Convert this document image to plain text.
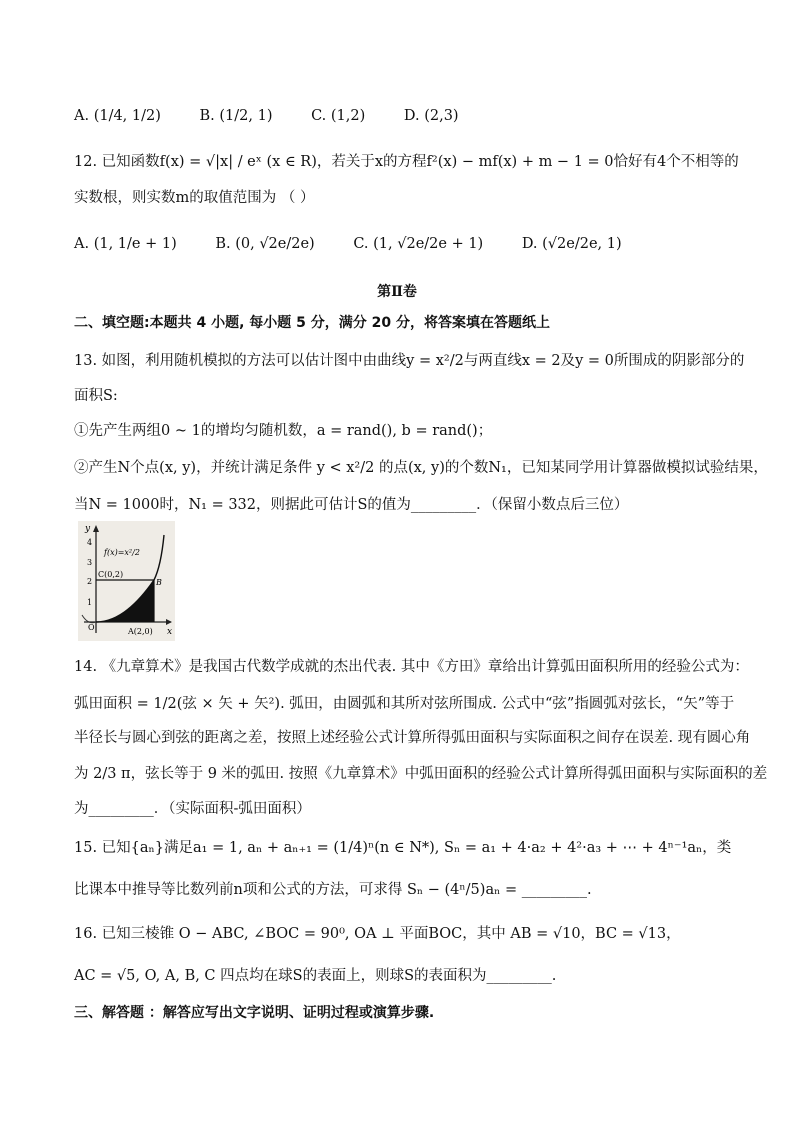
A. (1/4, 1/2)	B. (1/2, 1)	C. (1,2)	D. (2,3)
12. 已知函数f(x) = √|x| / eˣ (x ∈ R)，若关于x的方程f²(x) − mf(x) + m − 1 = 0恰好有4个不相等的
实数根，则实数m的取值范围为 （ ）
A. (1, 1/e + 1)	B. (0, √2e/2e)	C. (1, √2e/2e + 1)	D. (√2e/2e, 1)
第Ⅱ卷
二、填空题:本题共 4 小题, 每小题 5 分，满分 20 分，将答案填在答题纸上
13. 如图，利用随机模拟的方法可以估计图中由曲线y = x²/2与两直线x = 2及y = 0所围成的阴影部分的
面积S:
①先产生两组0 ~ 1的增均匀随机数，a = rand(), b = rand()；
②产生N个点(x, y)，并统计满足条件 y < x²/2 的点(x, y)的个数N₁，已知某同学用计算器做模拟试验结果，
当N = 1000时，N₁ = 332，则据此可估计S的值为_________．（保留小数点后三位）
y
x
4
3
2
1
O
f(x)=x²/2
C(0,2)
B
A(2,0)
14. 《九章算术》是我国古代数学成就的杰出代表. 其中《方田》章给出计算弧田面积所用的经验公式为：
弧田面积 = 1/2(弦 × 矢 + 矢²). 弧田，由圆弧和其所对弦所围成. 公式中“弦”指圆弧对弦长，“矢”等于
半径长与圆心到弦的距离之差，按照上述经验公式计算所得弧田面积与实际面积之间存在误差. 现有圆心角
为 2/3 π，弦长等于 9 米的弧田. 按照《九章算术》中弧田面积的经验公式计算所得弧田面积与实际面积的差
为_________．（实际面积-弧田面积）
15. 已知{aₙ}满足a₁ = 1, aₙ + aₙ₊₁ = (1/4)ⁿ(n ∈ N*), Sₙ = a₁ + 4·a₂ + 4²·a₃ + ⋯ + 4ⁿ⁻¹aₙ，类
比课本中推导等比数列前n项和公式的方法，可求得 Sₙ − (4ⁿ/5)aₙ = _________.
16. 已知三棱锥 O − ABC, ∠BOC = 90⁰, OA ⊥ 平面BOC，其中 AB = √10，BC = √13，
AC = √5, O, A, B, C 四点均在球S的表面上，则球S的表面积为_________.
三、解答题 ：解答应写出文字说明、证明过程或演算步骤.
